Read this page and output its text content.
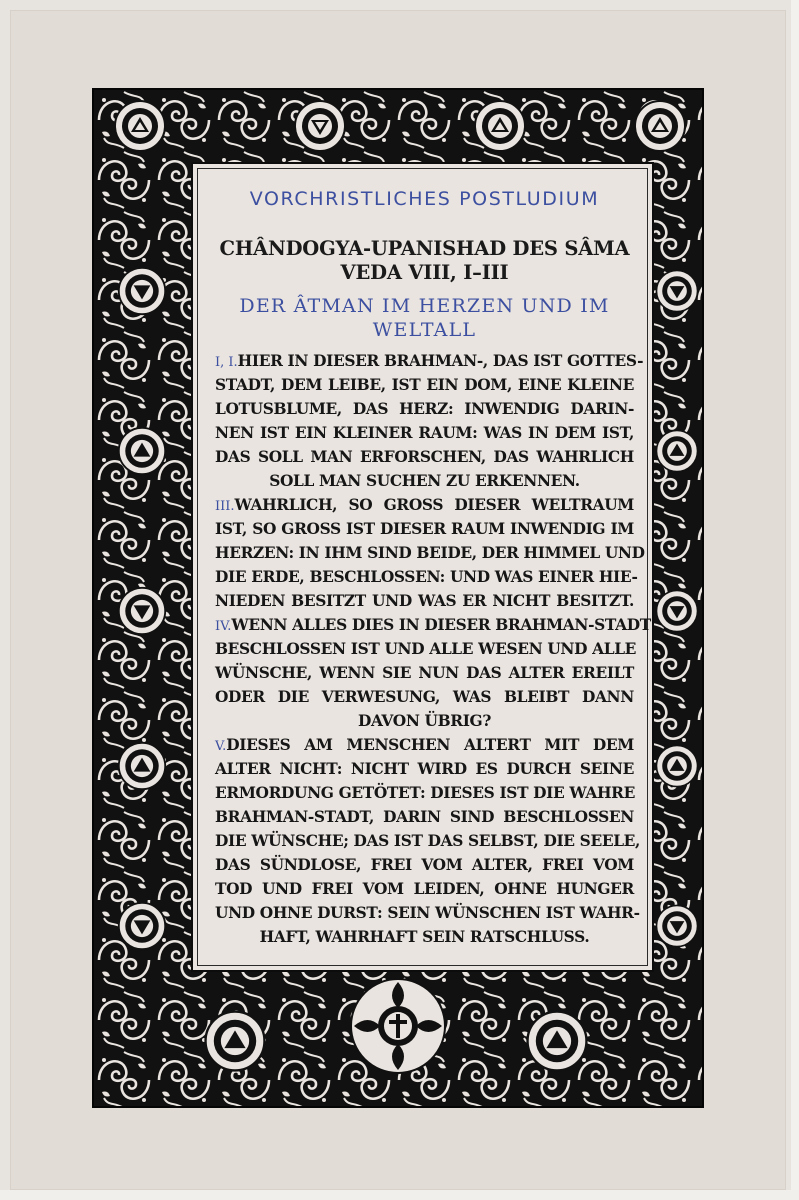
VORCHRISTLICHES POSTLUDIUM
CHÂNDOGYA-UPANISHAD DES SÂMA
VEDA VIII, I–III
DER ÂTMAN IM HERZEN UND IM
WELTALL
I, I.HIER IN DIESER BRAHMAN-, DAS IST GOTTES-
STADT, DEM LEIBE, IST EIN DOM, EINE KLEINE
LOTUSBLUME, DAS HERZ: INWENDIG DARIN-
NEN IST EIN KLEINER RAUM: WAS IN DEM IST,
DAS SOLL MAN ERFORSCHEN, DAS WAHRLICH
SOLL MAN SUCHEN ZU ERKENNEN.
III.WAHRLICH, SO GROSS DIESER WELTRAUM
IST, SO GROSS IST DIESER RAUM INWENDIG IM
HERZEN: IN IHM SIND BEIDE, DER HIMMEL UND
DIE ERDE, BESCHLOSSEN: UND WAS EINER HIE-
NIEDEN BESITZT UND WAS ER NICHT BESITZT.
IV.WENN ALLES DIES IN DIESER BRAHMAN-STADT
BESCHLOSSEN IST UND ALLE WESEN UND ALLE
WÜNSCHE, WENN SIE NUN DAS ALTER EREILT
ODER DIE VERWESUNG, WAS BLEIBT DANN
DAVON ÜBRIG?
V.DIESES AM MENSCHEN ALTERT MIT DEM
ALTER NICHT: NICHT WIRD ES DURCH SEINE
ERMORDUNG GETÖTET: DIESES IST DIE WAHRE
BRAHMAN-STADT, DARIN SIND BESCHLOSSEN
DIE WÜNSCHE; DAS IST DAS SELBST, DIE SEELE,
DAS SÜNDLOSE, FREI VOM ALTER, FREI VOM
TOD UND FREI VOM LEIDEN, OHNE HUNGER
UND OHNE DURST: SEIN WÜNSCHEN IST WAHR-
HAFT, WAHRHAFT SEIN RATSCHLUSS.
